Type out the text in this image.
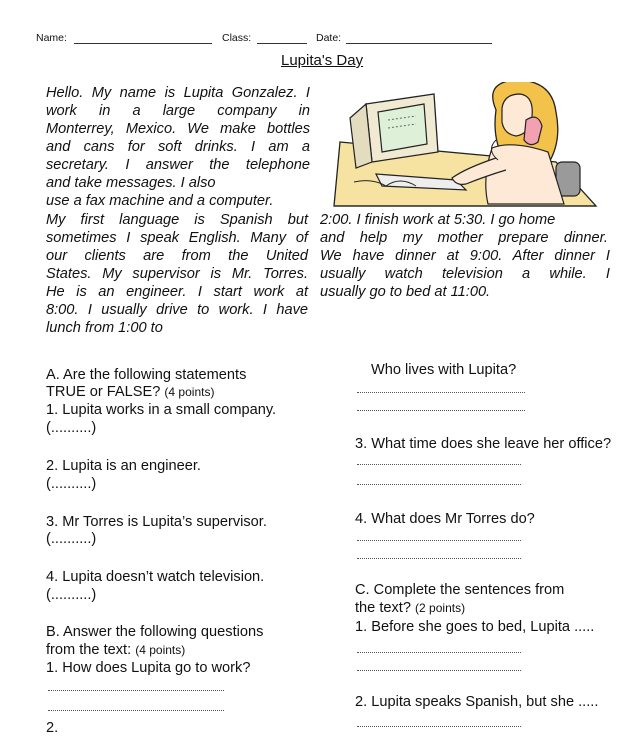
Name:	Class:	Date:
Lupita's Day
Hello. My name is Lupita Gonzalez. I
work in a large company in
Monterrey, Mexico. We make bottles
and cans for soft drinks. I am a
secretary. I answer the telephone
and take messages. I also
use a fax machine and a computer.
My first language is Spanish but
sometimes I speak English. Many of
our clients are from the United
States. My supervisor is Mr. Torres.
He is an engineer. I start work at
8:00. I usually drive to work. I have
lunch from 1:00 to
2:00. I finish work at 5:30. I go home
and help my mother prepare dinner.
We have dinner at 9:00. After dinner I
usually watch television a while. I
usually go to bed at 11:00.
A. Are the following statements
TRUE or FALSE? (4 points)
1. Lupita works in a small company.
(..........)
2. Lupita is an engineer.
(..........)
3. Mr Torres is Lupita’s supervisor.
(..........)
4. Lupita doesn’t watch television.
(..........)
B. Answer the following questions
from the text: (4 points)
1. How does Lupita go to work?
2.
Who lives with Lupita?
3. What time does she leave her office?
4. What does Mr Torres do?
C. Complete the sentences from
the text? (2 points)
1. Before she goes to bed, Lupita .....
2. Lupita speaks Spanish, but she .....
